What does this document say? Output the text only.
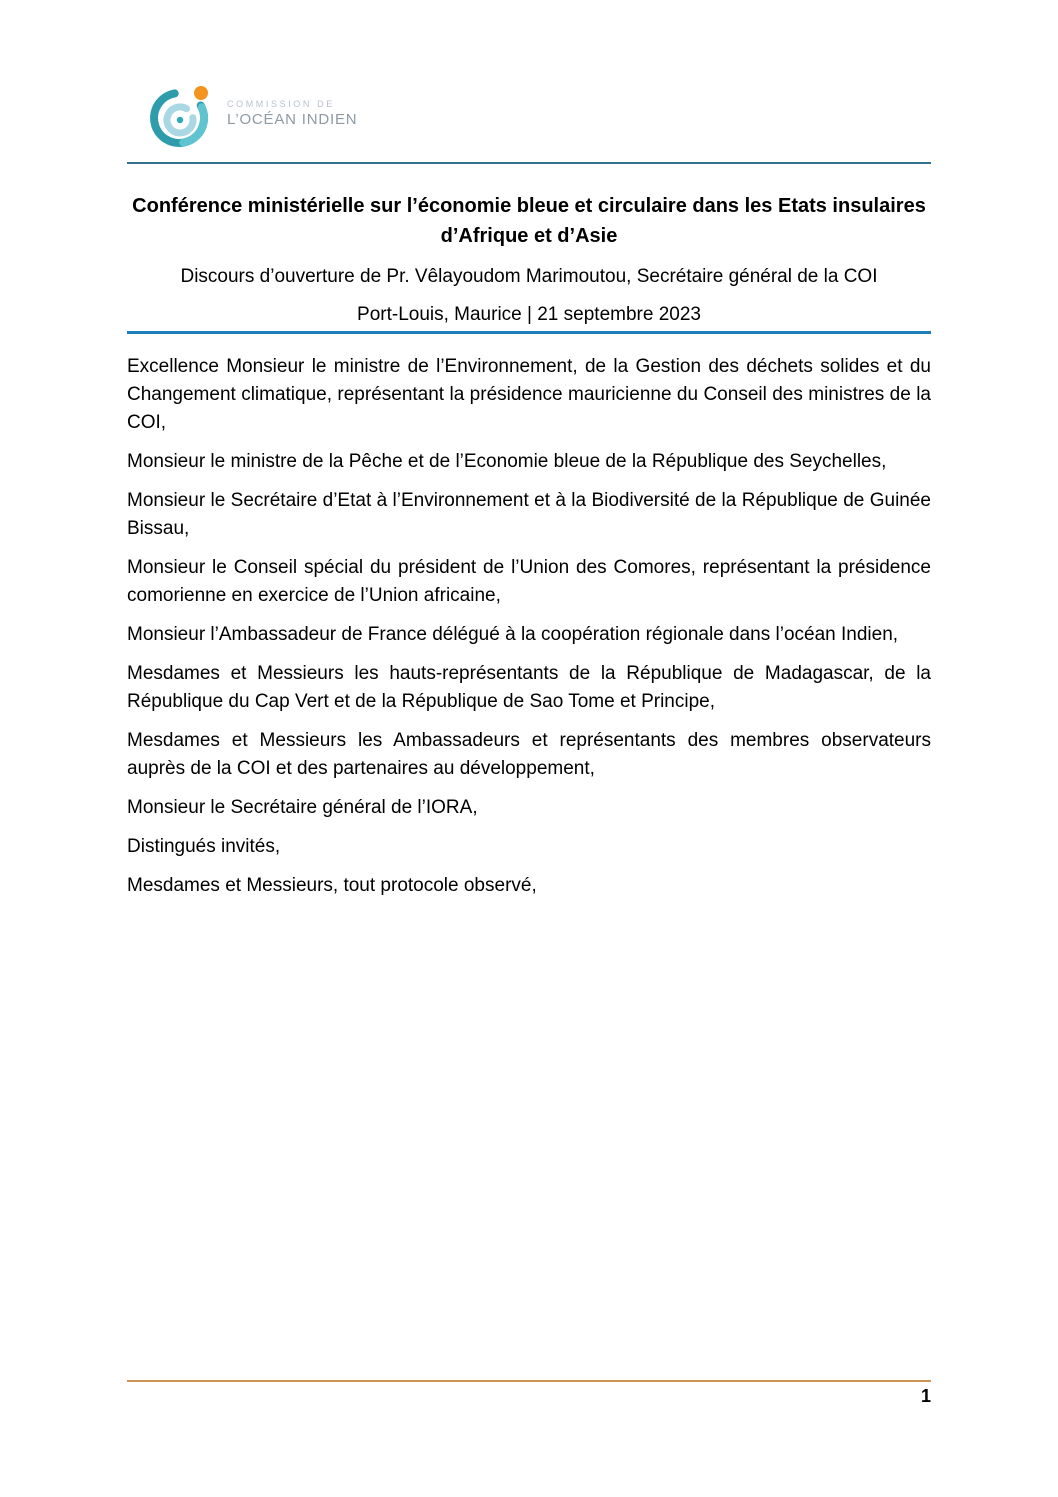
COMMISSION DE
L’OCÉAN INDIEN
Conférence ministérielle sur l’économie bleue et circulaire dans les Etats insulaires d’Afrique et d’Asie

Discours d’ouverture de Pr. Vêlayoudom Marimoutou, Secrétaire général de la COI

Port-Louis, Maurice | 21 septembre 2023

Excellence Monsieur le ministre de l’Environnement, de la Gestion des déchets solides et du Changement climatique, représentant la présidence mauricienne du Conseil des ministres de la COI,

Monsieur le ministre de la Pêche et de l’Economie bleue de la République des Seychelles,

Monsieur le Secrétaire d’Etat à l’Environnement et à la Biodiversité de la République de Guinée Bissau,

Monsieur le Conseil spécial du président de l’Union des Comores, représentant la présidence comorienne en exercice de l’Union africaine,

Monsieur l’Ambassadeur de France délégué à la coopération régionale dans l’océan Indien,

Mesdames et Messieurs les hauts-représentants de la République de Madagascar, de la République du Cap Vert et de la République de Sao Tome et Principe,

Mesdames et Messieurs les Ambassadeurs et représentants des membres observateurs auprès de la COI et des partenaires au développement,

Monsieur le Secrétaire général de l’IORA,

Distingués invités,

Mesdames et Messieurs, tout protocole observé,

1
